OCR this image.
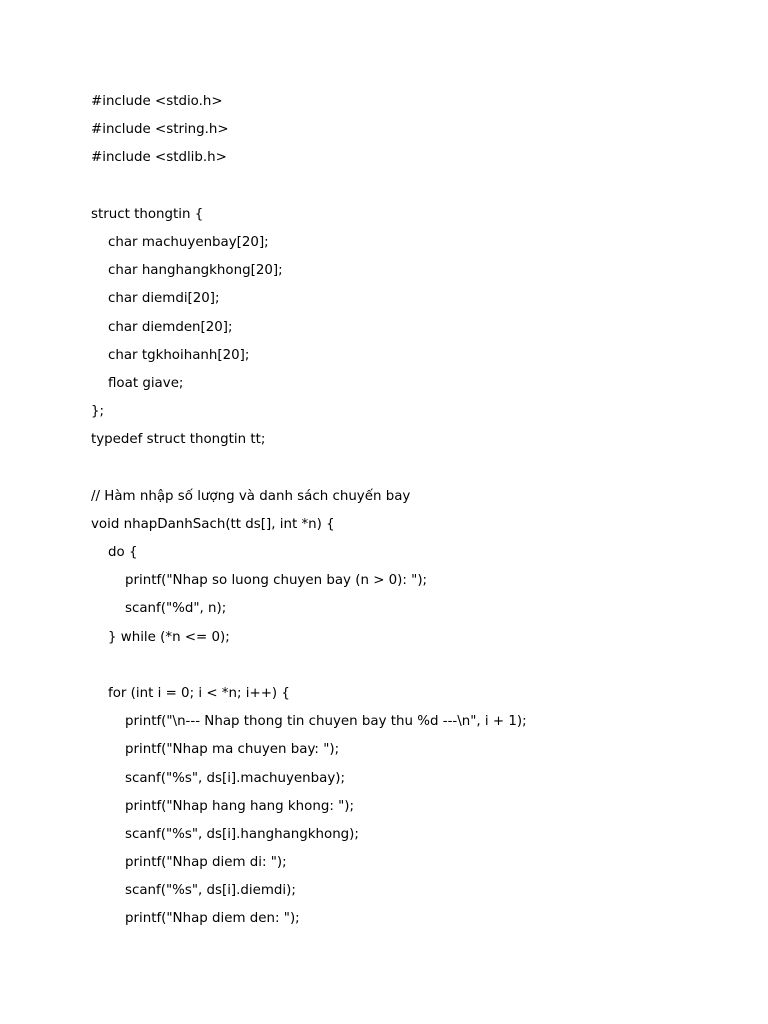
#include <stdio.h>
#include <string.h>
#include <stdlib.h>
struct thongtin {
char machuyenbay[20];
char hanghangkhong[20];
char diemdi[20];
char diemden[20];
char tgkhoihanh[20];
float giave;
};
typedef struct thongtin tt;
// Hàm nhập số lượng và danh sách chuyến bay
void nhapDanhSach(tt ds[], int *n) {
do {
printf("Nhap so luong chuyen bay (n > 0): ");
scanf("%d", n);
} while (*n <= 0);
for (int i = 0; i < *n; i++) {
printf("\n--- Nhap thong tin chuyen bay thu %d ---\n", i + 1);
printf("Nhap ma chuyen bay: ");
scanf("%s", ds[i].machuyenbay);
printf("Nhap hang hang khong: ");
scanf("%s", ds[i].hanghangkhong);
printf("Nhap diem di: ");
scanf("%s", ds[i].diemdi);
printf("Nhap diem den: ");
